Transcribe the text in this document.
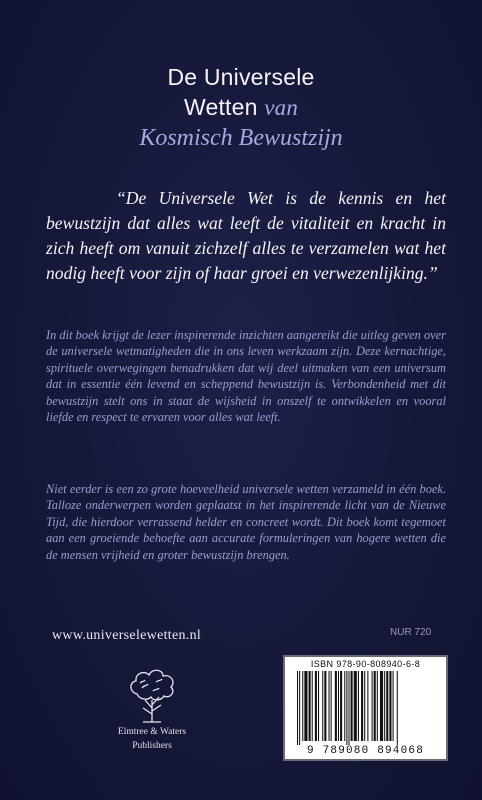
De Universele
Wetten van
Kosmisch Bewustzijn
“De Universele Wet is de kennis en het bewustzijn dat alles wat leeft de vitaliteit en kracht in zich heeft om vanuit zichzelf alles te verzamelen wat het nodig heeft voor zijn of haar groei en verwezenlijking.”
In dit boek krijgt de lezer inspirerende inzichten aangereikt die uitleg geven over de universele wetmatigheden die in ons leven werkzaam zijn. Deze kernachtige, spirituele overwegingen benadrukken dat wij deel uitmaken van een universum dat in essentie één levend en scheppend bewustzijn is. Verbondenheid met dit bewustzijn stelt ons in staat de wijsheid in onszelf te ontwikkelen en vooral liefde en respect te ervaren voor alles wat leeft.
Niet eerder is een zo grote hoeveelheid universele wetten verzameld in één boek. Talloze onderwerpen worden geplaatst in het inspirerende licht van de Nieuwe Tijd, die hierdoor verrassend helder en concreet wordt. Dit boek komt tegemoet aan een groeiende behoefte aan accurate formuleringen van hogere wetten die de mensen vrijheid en groter bewustzijn brengen.
www.universelewetten.nl	NUR 720
Elmtree & Waters
Publishers
ISBN 978-90-808940-6-8
9 789080 894068
